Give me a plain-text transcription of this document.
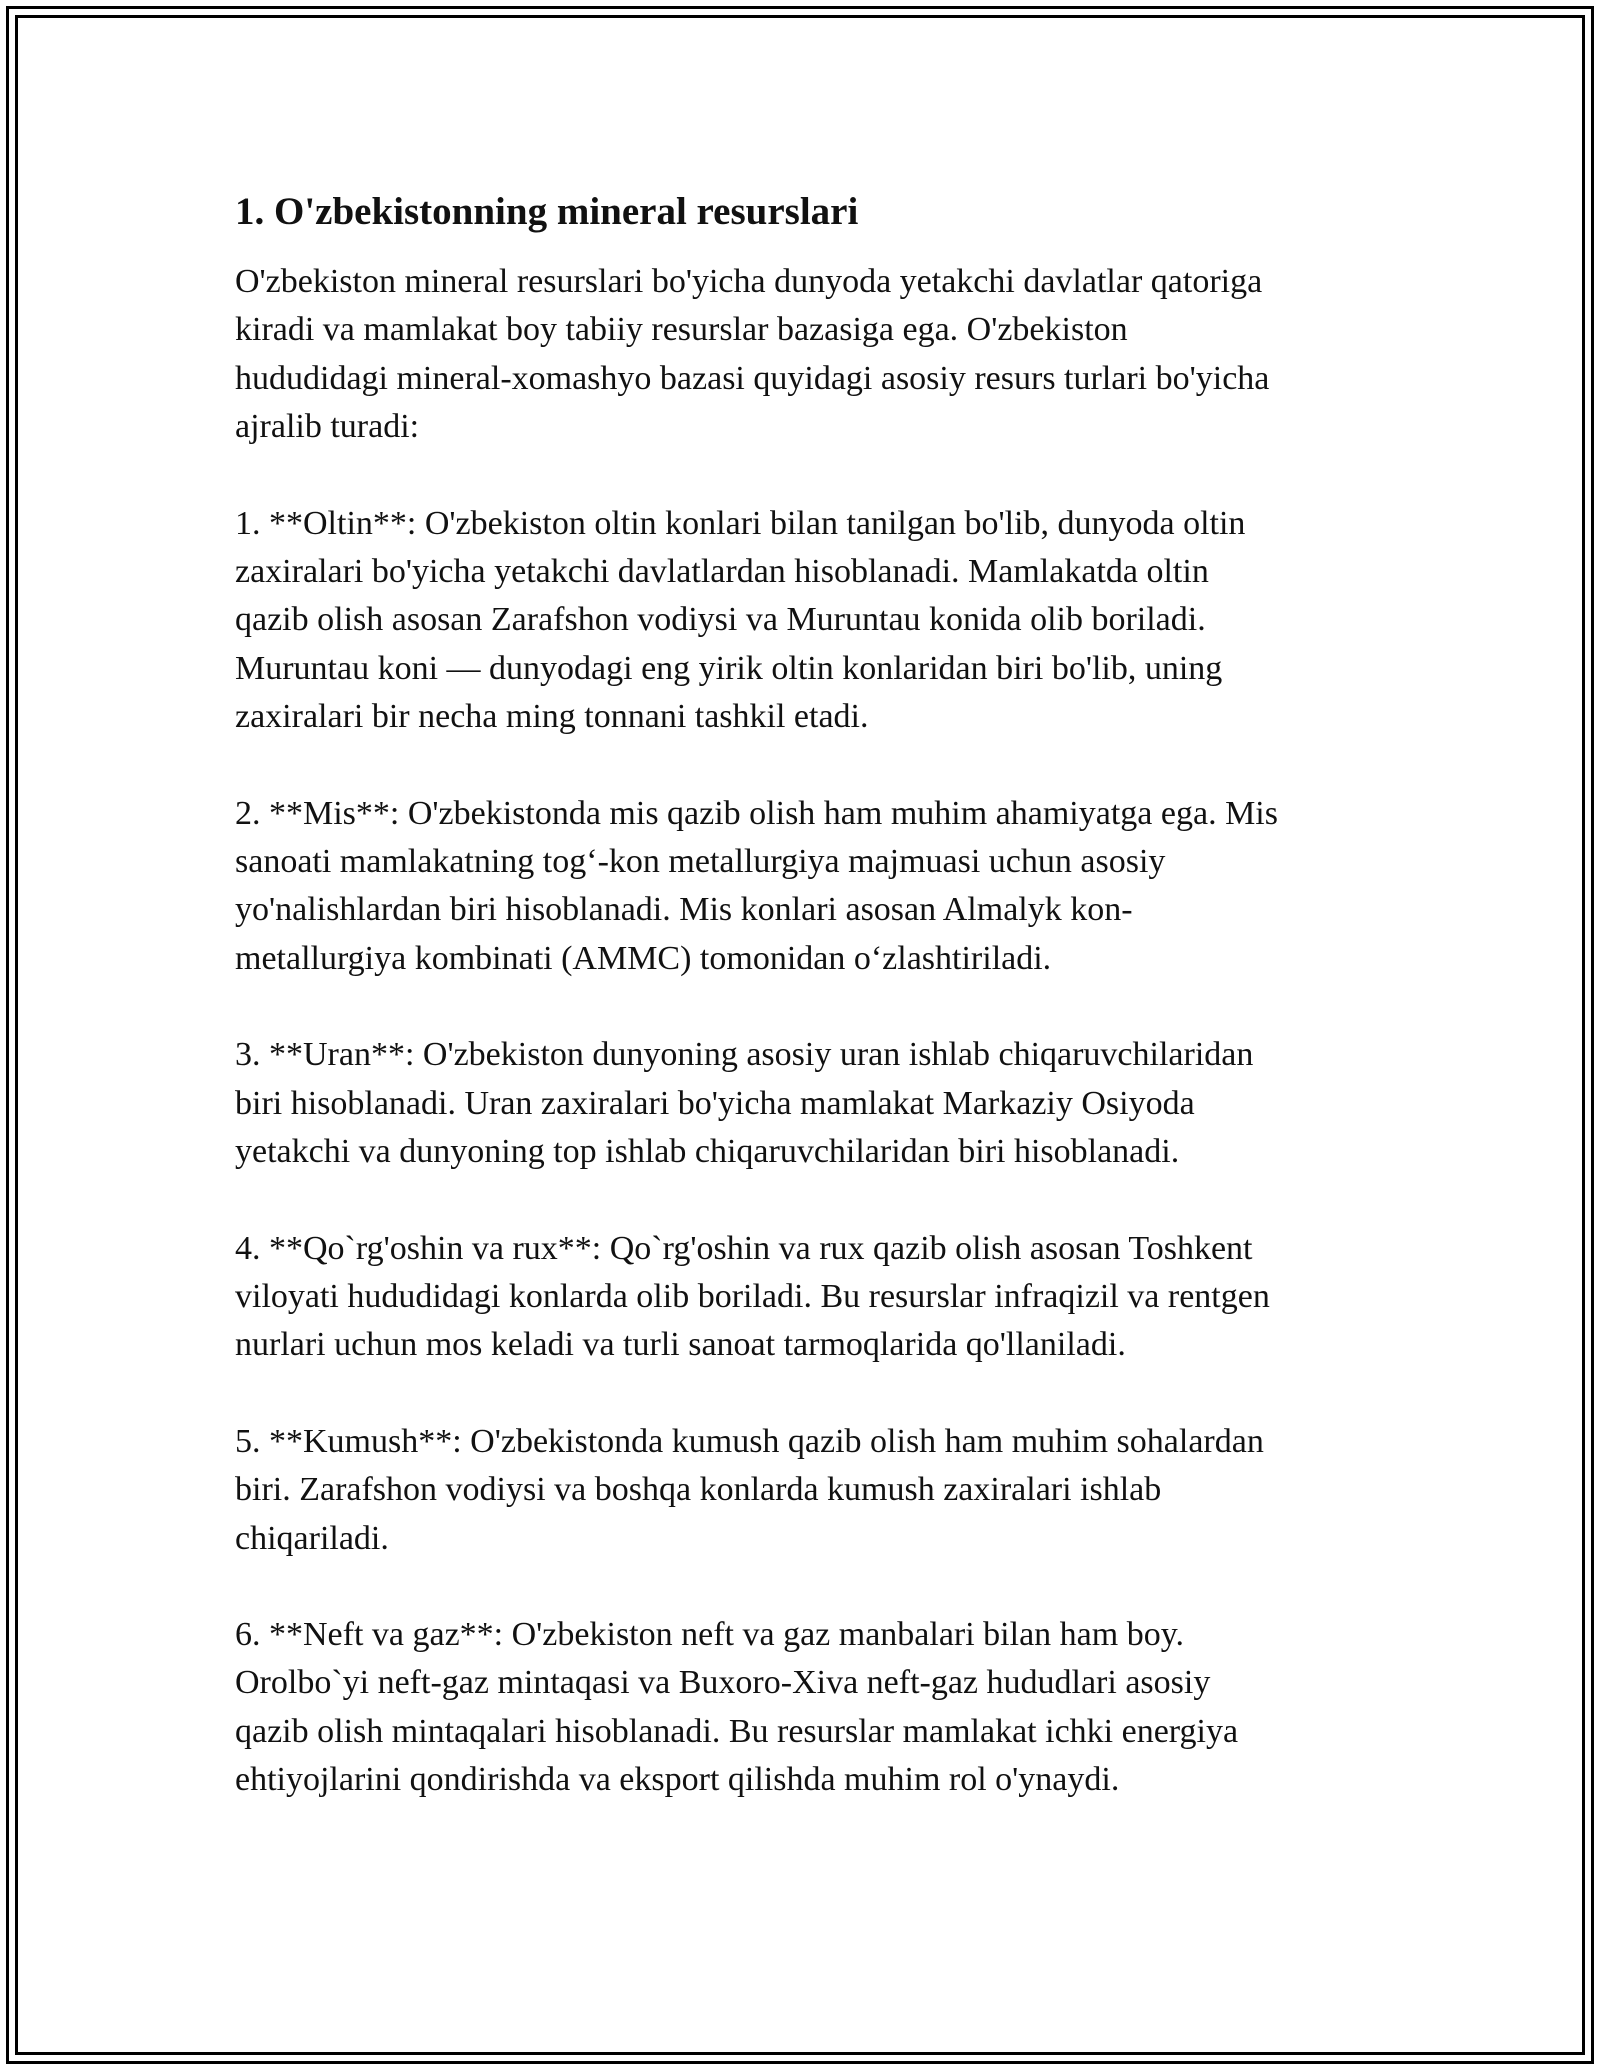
1. O'zbekistonning mineral resurslari

O'zbekiston mineral resurslari bo'yicha dunyoda yetakchi davlatlar qatoriga
kiradi va mamlakat boy tabiiy resurslar bazasiga ega. O'zbekiston
hududidagi mineral-xomashyo bazasi quyidagi asosiy resurs turlari bo'yicha
ajralib turadi:

1. **Oltin**: O'zbekiston oltin konlari bilan tanilgan bo'lib, dunyoda oltin
zaxiralari bo'yicha yetakchi davlatlardan hisoblanadi. Mamlakatda oltin
qazib olish asosan Zarafshon vodiysi va Muruntau konida olib boriladi.
Muruntau koni — dunyodagi eng yirik oltin konlaridan biri bo'lib, uning
zaxiralari bir necha ming tonnani tashkil etadi.

2. **Mis**: O'zbekistonda mis qazib olish ham muhim ahamiyatga ega. Mis
sanoati mamlakatning tog‘-kon metallurgiya majmuasi uchun asosiy
yo'nalishlardan biri hisoblanadi. Mis konlari asosan Almalyk kon-
metallurgiya kombinati (AMMC) tomonidan o‘zlashtiriladi.

3. **Uran**: O'zbekiston dunyoning asosiy uran ishlab chiqaruvchilaridan
biri hisoblanadi. Uran zaxiralari bo'yicha mamlakat Markaziy Osiyoda
yetakchi va dunyoning top ishlab chiqaruvchilaridan biri hisoblanadi.

4. **Qo`rg'oshin va rux**: Qo`rg'oshin va rux qazib olish asosan Toshkent
viloyati hududidagi konlarda olib boriladi. Bu resurslar infraqizil va rentgen
nurlari uchun mos keladi va turli sanoat tarmoqlarida qo'llaniladi.

5. **Kumush**: O'zbekistonda kumush qazib olish ham muhim sohalardan
biri. Zarafshon vodiysi va boshqa konlarda kumush zaxiralari ishlab
chiqariladi.

6. **Neft va gaz**: O'zbekiston neft va gaz manbalari bilan ham boy.
Orolbo`yi neft-gaz mintaqasi va Buxoro-Xiva neft-gaz hududlari asosiy
qazib olish mintaqalari hisoblanadi. Bu resurslar mamlakat ichki energiya
ehtiyojlarini qondirishda va eksport qilishda muhim rol o'ynaydi.
